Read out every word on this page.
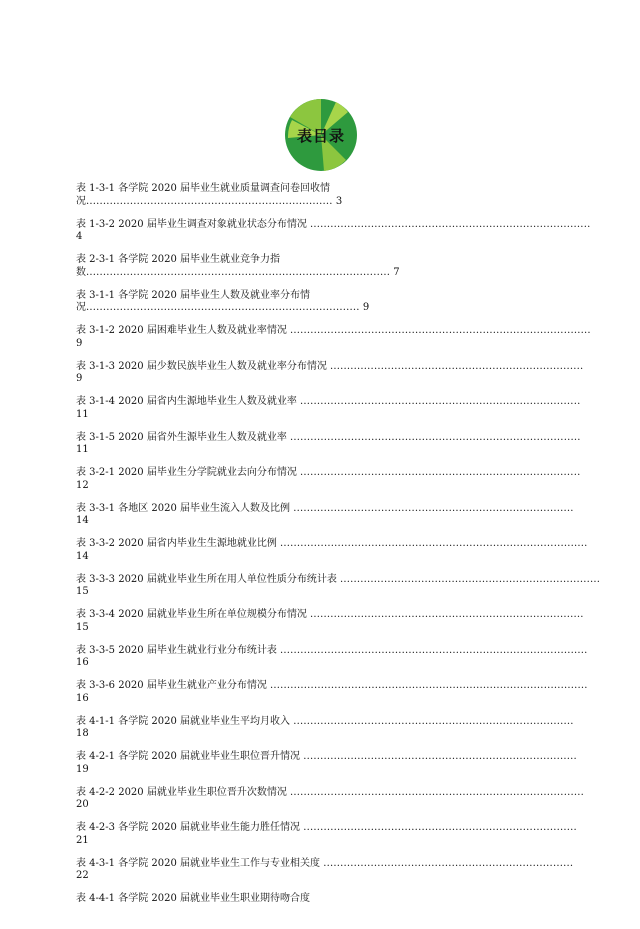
表目录
表 1-3-1 各学院 2020 届毕业生就业质量调查问卷回收情
况......................................................................... 3
表 1-3-2 2020 届毕业生调查对象就业状态分布情况 ...................................................................................
4
表 2-3-1 各学院 2020 届毕业生就业竞争力指
数.......................................................................................... 7
表 3-1-1 各学院 2020 届毕业生人数及就业率分布情
况................................................................................. 9
表 3-1-2 2020 届困难毕业生人数及就业率情况 .........................................................................................
9
表 3-1-3 2020 届少数民族毕业生人数及就业率分布情况 ...........................................................................
9
表 3-1-4 2020 届省内生源地毕业生人数及就业率 ...................................................................................
11
表 3-1-5 2020 届省外生源毕业生人数及就业率 ......................................................................................
11
表 3-2-1 2020 届毕业生分学院就业去向分布情况 ...................................................................................
12
表 3-3-1 各地区 2020 届毕业生流入人数及比例 ...................................................................................
14
表 3-3-2 2020 届省内毕业生生源地就业比例 ...........................................................................................
14
表 3-3-3 2020 届就业毕业生所在用人单位性质分布统计表 .............................................................................
15
表 3-3-4 2020 届就业毕业生所在单位规模分布情况 .................................................................................
15
表 3-3-5 2020 届毕业生就业行业分布统计表 ...........................................................................................
16
表 3-3-6 2020 届毕业生就业产业分布情况 ..............................................................................................
16
表 4-1-1 各学院 2020 届就业毕业生平均月收入 ...................................................................................
18
表 4-2-1 各学院 2020 届就业毕业生职位晋升情况 .................................................................................
19
表 4-2-2 2020 届就业毕业生职位晋升次数情况 .......................................................................................
20
表 4-2-3 各学院 2020 届就业毕业生能力胜任情况 .................................................................................
21
表 4-3-1 各学院 2020 届就业毕业生工作与专业相关度 ..........................................................................
22
表 4-4-1 各学院 2020 届就业毕业生职业期待吻合度
